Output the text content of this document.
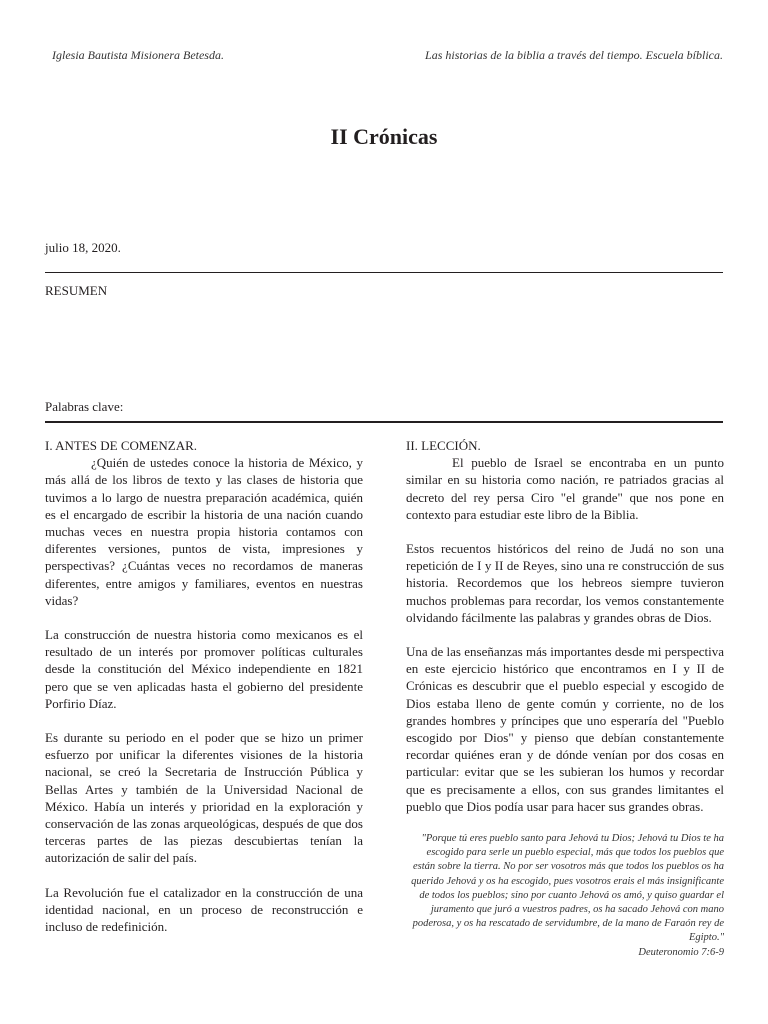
Iglesia Bautista Misionera Betesda.	Las historias de la biblia a través del tiempo. Escuela bíblica.
II Crónicas
julio 18, 2020.
RESUMEN
Palabras clave:
I. ANTES DE COMENZAR.

¿Quién de ustedes conoce la historia de México, y más allá de los libros de texto y las clases de historia que tuvimos a lo largo de nuestra preparación académica, quién es el encargado de escribir la historia de una nación cuando muchas veces en nuestra propia historia contamos con diferentes versiones, puntos de vista, impresiones y perspectivas? ¿Cuántas veces no recordamos de maneras diferentes, entre amigos y familiares, eventos en nuestras vidas?

La construcción de nuestra historia como mexicanos es el resultado de un interés por promover políticas culturales desde la constitución del México independiente en 1821 pero que se ven aplicadas hasta el gobierno del presidente Porfirio Díaz.

Es durante su periodo en el poder que se hizo un primer esfuerzo por unificar la diferentes visiones de la historia nacional, se creó la Secretaria de Instrucción Pública y Bellas Artes y también de la Universidad Nacional de México. Había un interés y prioridad en la exploración y conservación de las zonas arqueológicas, después de que dos terceras partes de las piezas descubiertas tenían la autorización de salir del país.

La Revolución fue el catalizador en la construcción de una identidad nacional, en un proceso de reconstrucción e incluso de redefinición.

II. LECCIÓN.

El pueblo de Israel se encontraba en un punto similar en su historia como nación, re patriados gracias al decreto del rey persa Ciro "el grande" que nos pone en contexto para estudiar este libro de la Biblia.

Estos recuentos históricos del reino de Judá no son una repetición de I y II de Reyes, sino una re construcción de sus historia. Recordemos que los hebreos siempre tuvieron muchos problemas para recordar, los vemos constantemente olvidando fácilmente las palabras y grandes obras de Dios.

Una de las enseñanzas más importantes desde mi perspectiva en este ejercicio histórico que encontramos en I y II de Crónicas es descubrir que el pueblo especial y escogido de Dios estaba lleno de gente común y corriente, no de los grandes hombres y príncipes que uno esperaría del "Pueblo escogido por Dios" y pienso que debían constantemente recordar quiénes eran y de dónde venían por dos cosas en particular: evitar que se les subieran los humos y recordar que es precisamente a ellos, con sus grandes limitantes el pueblo que Dios podía usar para hacer sus grandes obras.

"Porque tú eres pueblo santo para Jehová tu Dios; Jehová tu Dios te ha escogido para serle un pueblo especial, más que todos los pueblos que están sobre la tierra. No por ser vosotros más que todos los pueblos os ha querido Jehová y os ha escogido, pues vosotros erais el más insignificante de todos los pueblos; sino por cuanto Jehová os amó, y quiso guardar el juramento que juró a vuestros padres, os ha sacado Jehová con mano poderosa, y os ha rescatado de servidumbre, de la mano de Faraón rey de Egipto."
Deuteronomio 7:6-9
